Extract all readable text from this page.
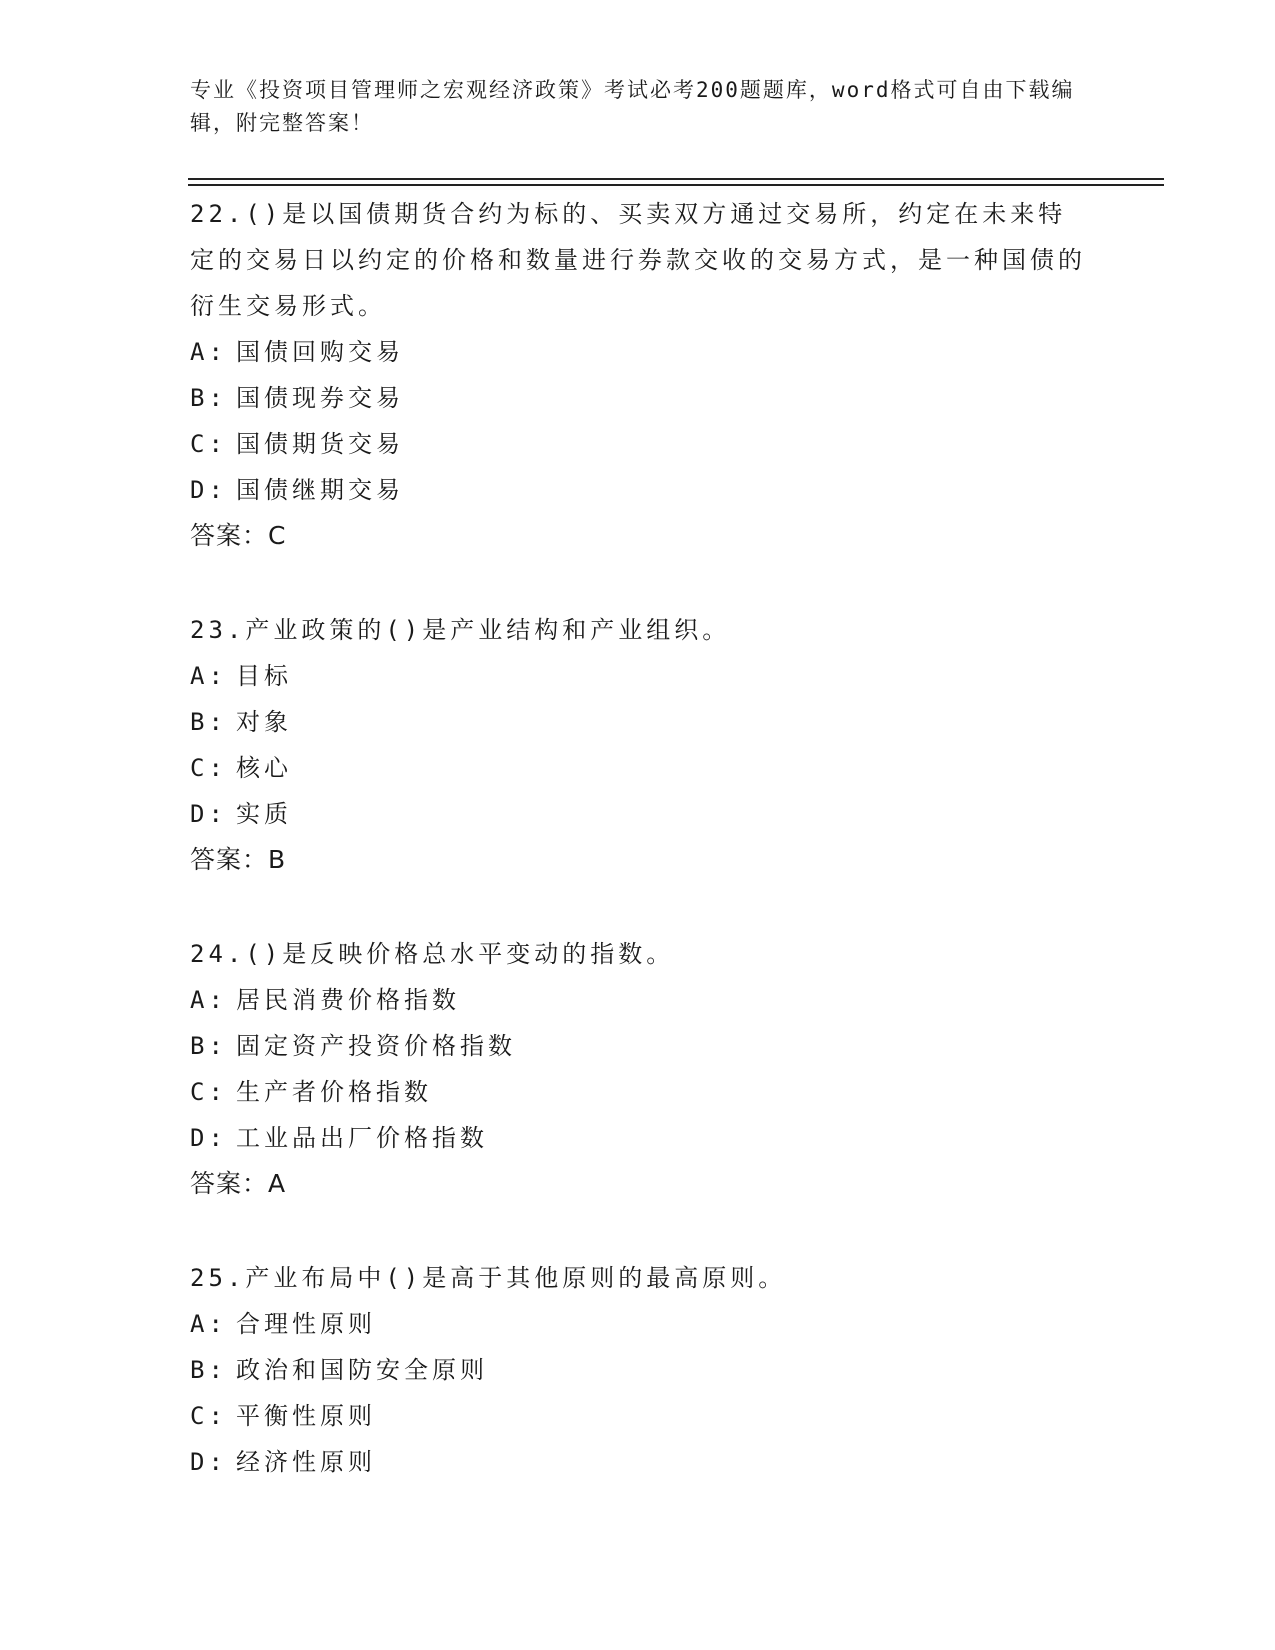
专业《投资项目管理师之宏观经济政策》考试必考200题题库，word格式可自由下载编辑，附完整答案！
22.()是以国债期货合约为标的、买卖双方通过交易所，约定在未来特定的交易日以约定的价格和数量进行券款交收的交易方式，是一种国债的衍生交易形式。
A: 国债回购交易
B: 国债现券交易
C: 国债期货交易
D: 国债继期交易
答案：C
23.产业政策的()是产业结构和产业组织。
A: 目标
B: 对象
C: 核心
D: 实质
答案：B
24.()是反映价格总水平变动的指数。
A: 居民消费价格指数
B: 固定资产投资价格指数
C: 生产者价格指数
D: 工业品出厂价格指数
答案：A
25.产业布局中()是高于其他原则的最高原则。
A: 合理性原则
B: 政治和国防安全原则
C: 平衡性原则
D: 经济性原则
